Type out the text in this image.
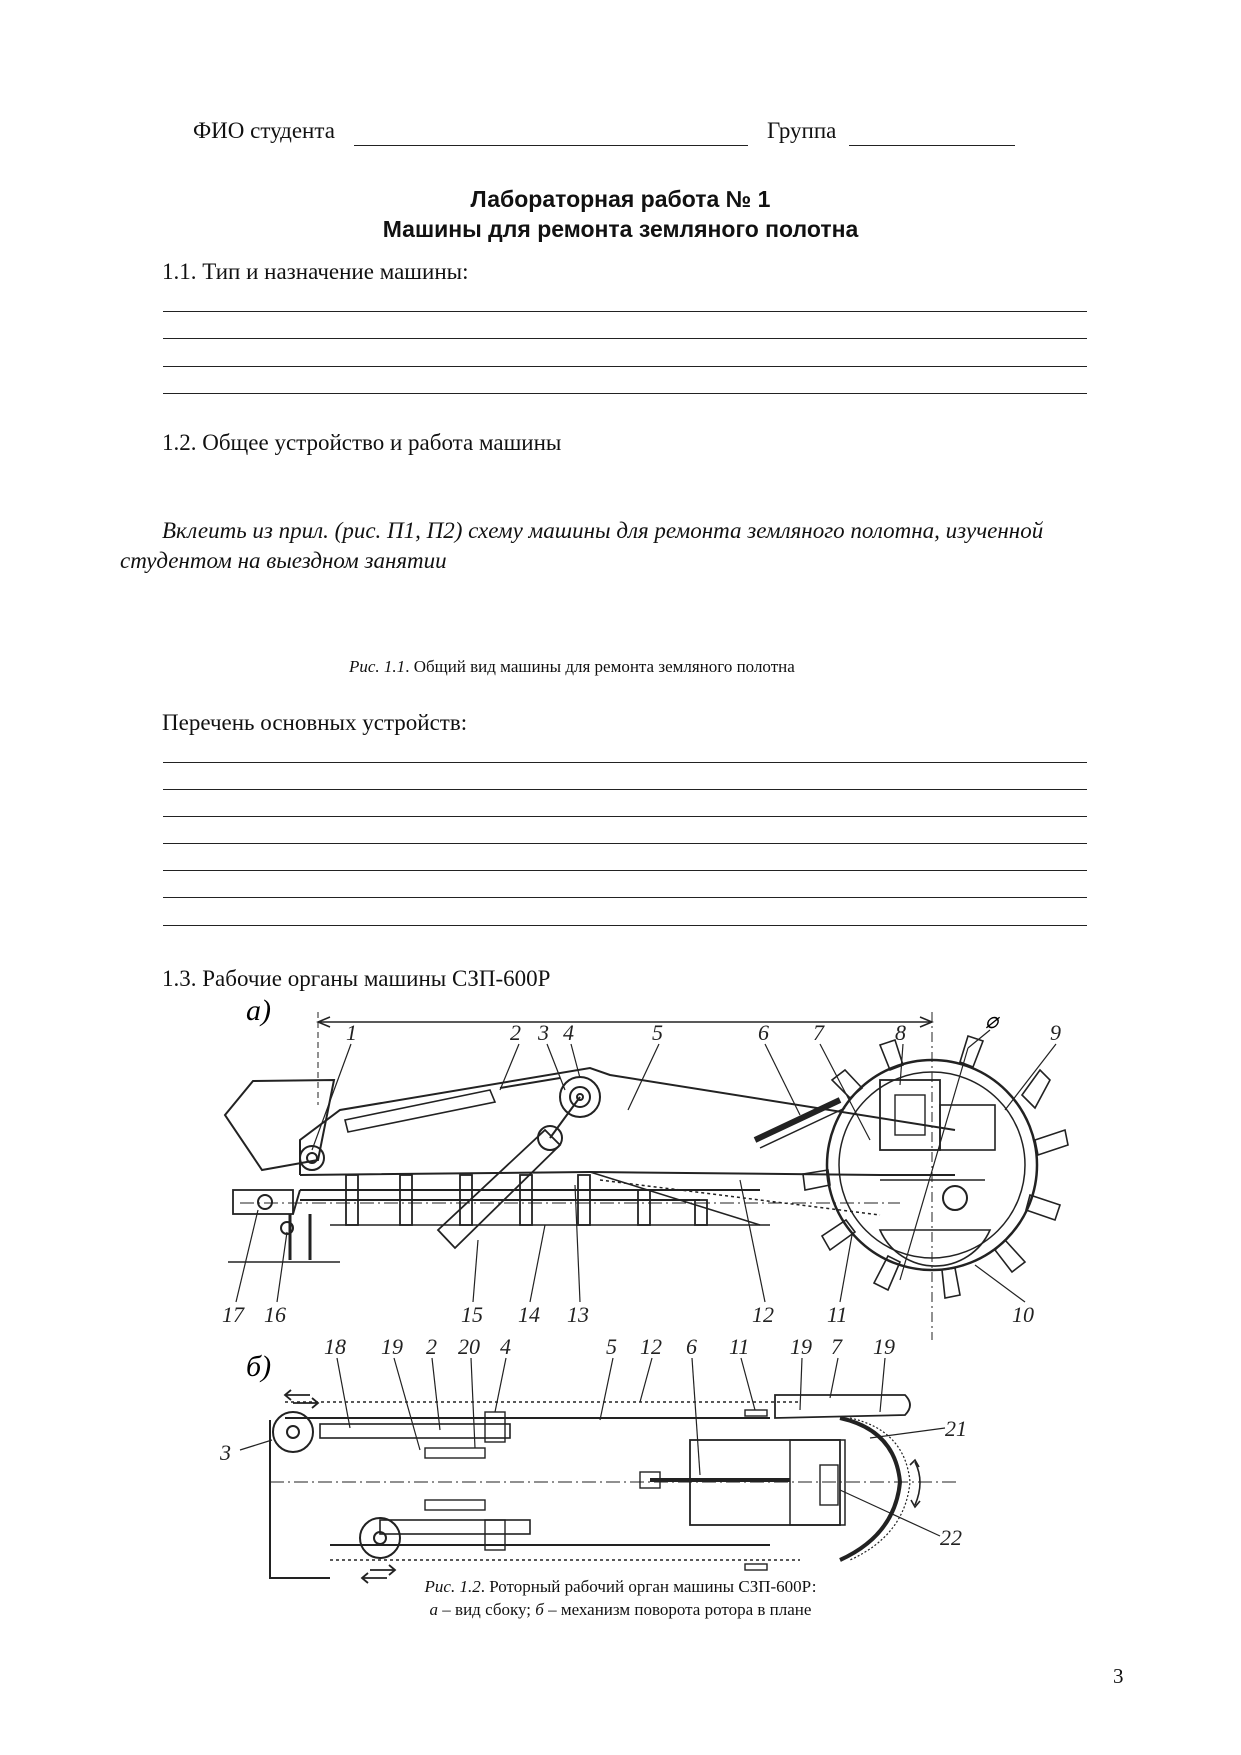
ФИО студента	Группа
Лабораторная работа № 1
Машины для ремонта земляного полотна
1.1. Тип и назначение машины:
1.2. Общее устройство и работа машины
Вклеить из прил. (рис. П1, П2) схему машины для ремонта земляного полотна, изученной
студентом на выездном занятии
Рис. 1.1. Общий вид машины для ремонта земляного полотна
Перечень основных устройств:
1.3. Рабочие органы машины СЗП-600Р
а)
б)
⌀
1	2 3 4	5	6 7	8	9
10
11
12
13
14
15
16
17
18 19 2 20 4	5 12 6 11 19 7 19
21
3
22
Рис. 1.2. Роторный рабочий орган машины СЗП-600Р:
а – вид сбоку; б – механизм поворота ротора в плане
3
